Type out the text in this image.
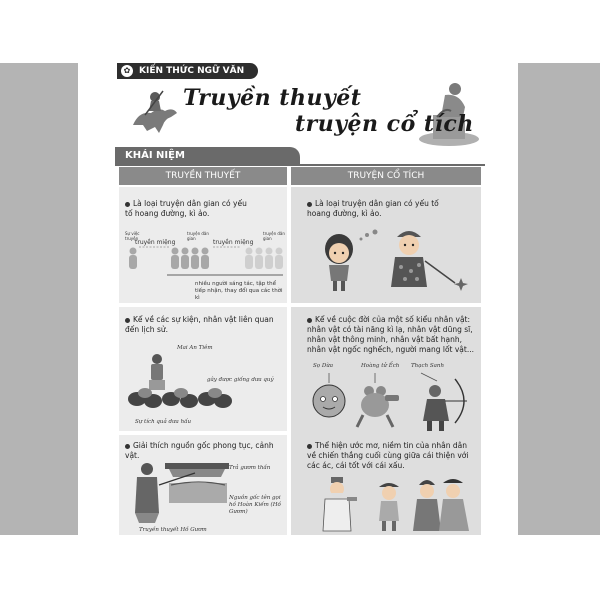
✿ KIẾN THỨC NGỮ VĂN
Truyền thuyết
truyện cổ tích
KHÁI NIỆM
TRUYỀN THUYẾT	TRUYỆN CỔ TÍCH
Là loại truyện dân gian có yếu tố hoang đường, kì ảo.
Sự việc truyện
truyện dân gian
truyện dân gian
truyền miệng	truyền miệng
nhiều người sáng tác, tập thể tiếp nhận, thay đổi qua các thời kì
Kể về các sự kiện, nhân vật liên quan đến lịch sử.
Mai An Tiêm
gây được giống dưa quý
Sự tích quả dưa hấu
Giải thích nguồn gốc phong tục, cảnh vật.
Trả gươm thần
Nguồn gốc tên gọi hồ Hoàn Kiếm (Hồ Gươm)
Truyền thuyết Hồ Gươm
Là loại truyện dân gian có yếu tố hoang đường, kì ảo.
Kể về cuộc đời của một số kiểu nhân vật: nhân vật có tài năng kì lạ, nhân vật dũng sĩ, nhân vật thông minh, nhân vật bất hạnh, nhân vật ngốc nghếch, người mang lốt vật...
Sọ Dừa	Hoàng tử Ếch Thạch Sanh
Thể hiện ước mơ, niềm tin của nhân dân về chiến thắng cuối cùng giữa cái thiện với các ác, cái tốt với cái xấu.
